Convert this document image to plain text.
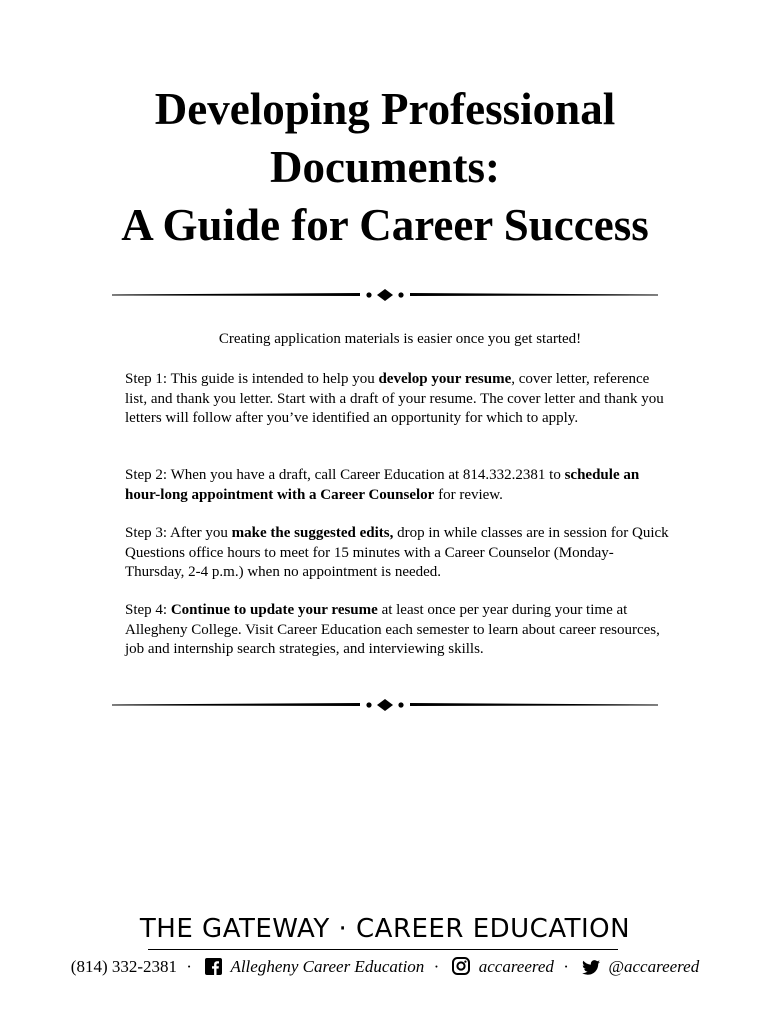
Developing Professional
Documents:
A Guide for Career Success

Creating application materials is easier once you get started!

Step 1: This guide is intended to help you develop your resume, cover letter, reference list, and thank you letter. Start with a draft of your resume. The cover letter and thank you letters will follow after you’ve identified an opportunity for which to apply.

Step 2: When you have a draft, call Career Education at 814.332.2381 to schedule an hour-long appointment with a Career Counselor for review.

Step 3: After you make the suggested edits, drop in while classes are in session for Quick Questions office hours to meet for 15 minutes with a Career Counselor (Monday-Thursday, 2-4 p.m.) when no appointment is needed.

Step 4: Continue to update your resume at least once per year during your time at Allegheny College. Visit Career Education each semester to learn about career resources, job and internship search strategies, and interviewing skills.

THE GATEWAY · CAREER EDUCATION
(814) 332-2381 · Allegheny Career Education · accareered · @accareered
